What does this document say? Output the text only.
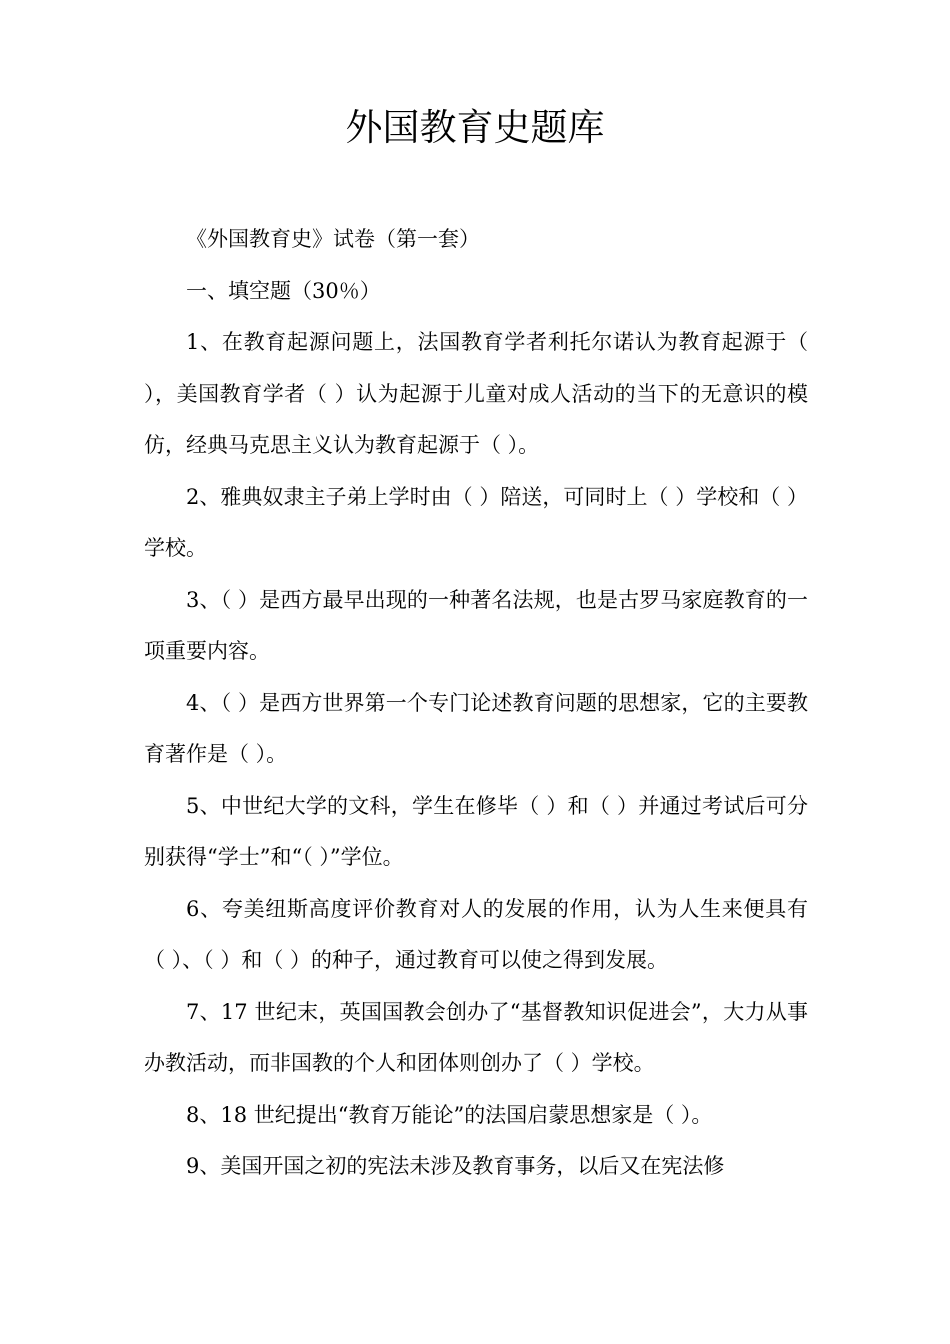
外国教育史题库

《外国教育史》试卷（第一套）

一、填空题（30％）

1、在教育起源问题上，法国教育学者利托尔诺认为教育起源于（ ），美国教育学者（ ）认为起源于儿童对成人活动的当下的无意识的模仿，经典马克思主义认为教育起源于（ ）。

2、雅典奴隶主子弟上学时由（ ）陪送，可同时上（ ）学校和（ ）学校。

3、（ ）是西方最早出现的一种著名法规，也是古罗马家庭教育的一项重要内容。

4、（ ）是西方世界第一个专门论述教育问题的思想家，它的主要教育著作是（ ）。

5、中世纪大学的文科，学生在修毕（ ）和（ ）并通过考试后可分别获得“学士”和“（ ）”学位。

6、夸美纽斯高度评价教育对人的发展的作用，认为人生来便具有（ ）、（ ）和（ ）的种子，通过教育可以使之得到发展。

7、17 世纪末，英国国教会创办了“基督教知识促进会”，大力从事办教活动，而非国教的个人和团体则创办了（ ）学校。

8、18 世纪提出“教育万能论”的法国启蒙思想家是（ ）。

9、美国开国之初的宪法未涉及教育事务，以后又在宪法修
